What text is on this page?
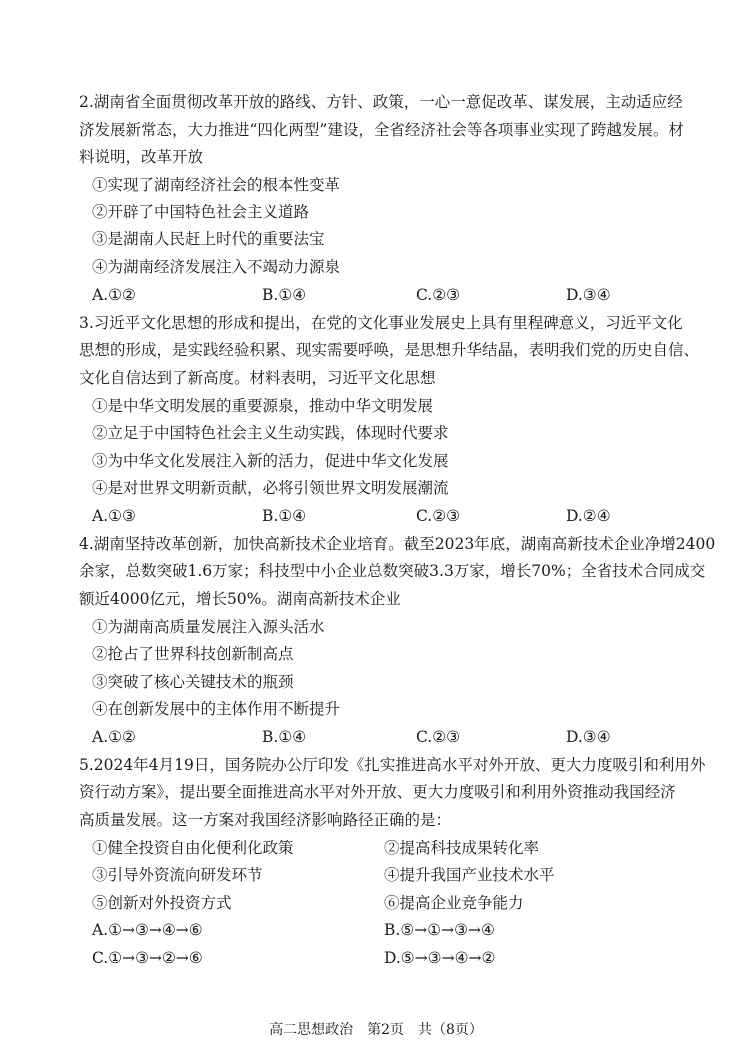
2.湖南省全面贯彻改革开放的路线、方针、政策，一心一意促改革、谋发展，主动适应经
济发展新常态，大力推进“四化两型”建设，全省经济社会等各项事业实现了跨越发展。材
料说明，改革开放
①实现了湖南经济社会的根本性变革
②开辟了中国特色社会主义道路
③是湖南人民赶上时代的重要法宝
④为湖南经济发展注入不竭动力源泉
A.①②	B.①④	C.②③	D.③④
3.习近平文化思想的形成和提出，在党的文化事业发展史上具有里程碑意义，习近平文化
思想的形成，是实践经验积累、现实需要呼唤，是思想升华结晶，表明我们党的历史自信、
文化自信达到了新高度。材料表明，习近平文化思想
①是中华文明发展的重要源泉，推动中华文明发展
②立足于中国特色社会主义生动实践，体现时代要求
③为中华文化发展注入新的活力，促进中华文化发展
④是对世界文明新贡献，必将引领世界文明发展潮流
A.①③	B.①④	C.②③	D.②④
4.湖南坚持改革创新，加快高新技术企业培育。截至2023年底，湖南高新技术企业净增2400
余家，总数突破1.6万家；科技型中小企业总数突破3.3万家，增长70%；全省技术合同成交
额近4000亿元，增长50%。湖南高新技术企业
①为湖南高质量发展注入源头活水
②抢占了世界科技创新制高点
③突破了核心关键技术的瓶颈
④在创新发展中的主体作用不断提升
A.①②	B.①④	C.②③	D.③④
5.2024年4月19日，国务院办公厅印发《扎实推进高水平对外开放、更大力度吸引和利用外
资行动方案》，提出要全面推进高水平对外开放、更大力度吸引和利用外资推动我国经济
高质量发展。这一方案对我国经济影响路径正确的是：
①健全投资自由化便利化政策	②提高科技成果转化率
③引导外资流向研发环节	④提升我国产业技术水平
⑤创新对外投资方式	⑥提高企业竞争能力
A.①→③→④→⑥	B.⑤→①→③→④
C.①→③→②→⑥	D.⑤→③→④→②
高二思想政治　第2页　共（8页）
